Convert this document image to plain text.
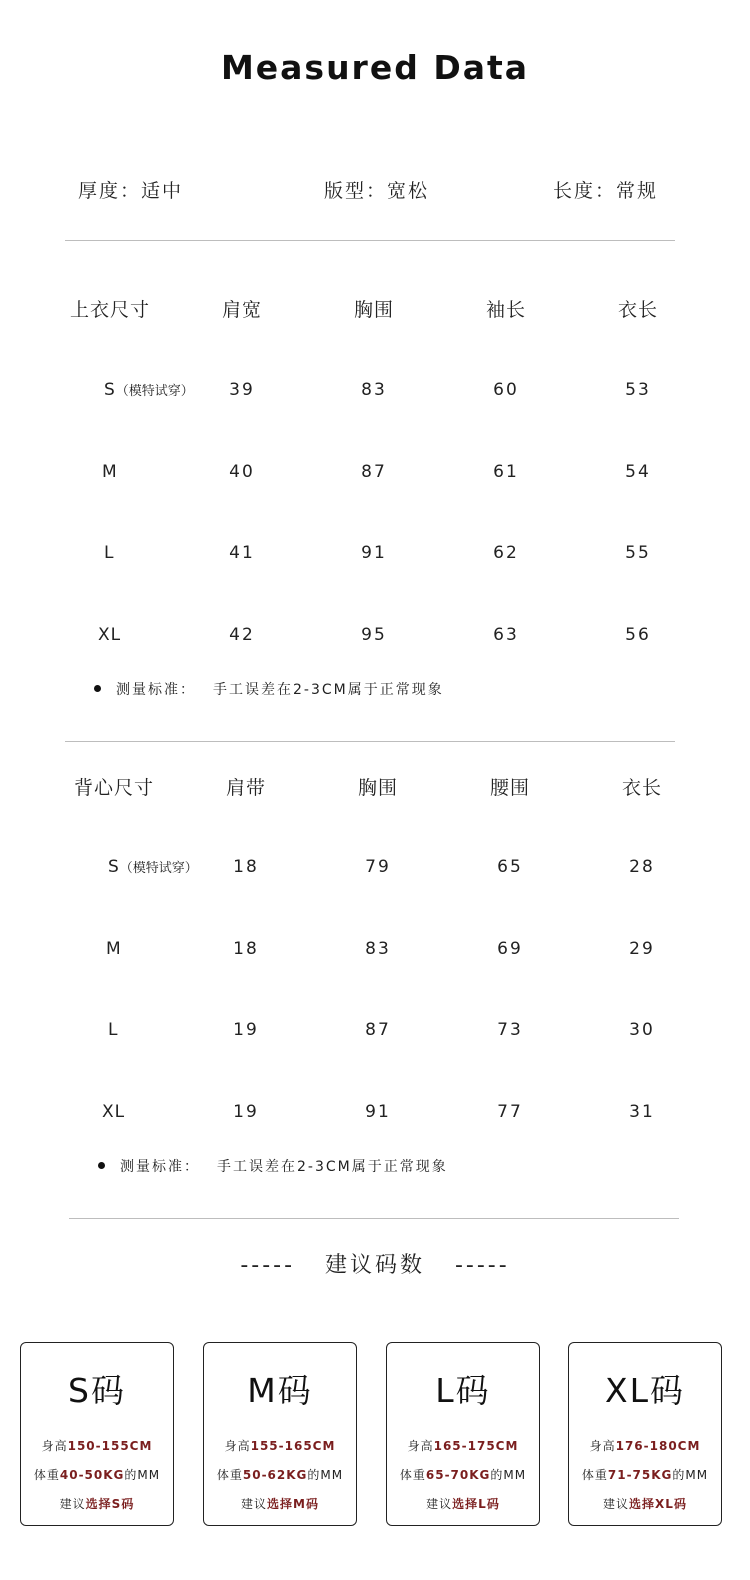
Measured Data
厚度：适中	版型：宽松	长度：常规
上衣尺寸	肩宽	胸围	袖长	衣长
S（模特试穿）	39	83	60	53
M	40	87	61	54
L	41	91	62	55
XL	42	95	63	56
测量标准： 手工误差在2-3CM属于正常现象
背心尺寸	肩带	胸围	腰围	衣长
S（模特试穿）	18	79	65	28
M	18	83	69	29
L	19	87	73	30
XL	19	91	77	31
测量标准： 手工误差在2-3CM属于正常现象
-----   建议码数   -----
S码
身高150-155CM
体重40-50KG的MM
建议选择S码
M码
身高155-165CM
体重50-62KG的MM
建议选择M码
L码
身高165-175CM
体重65-70KG的MM
建议选择L码
XL码
身高176-180CM
体重71-75KG的MM
建议选择XL码
